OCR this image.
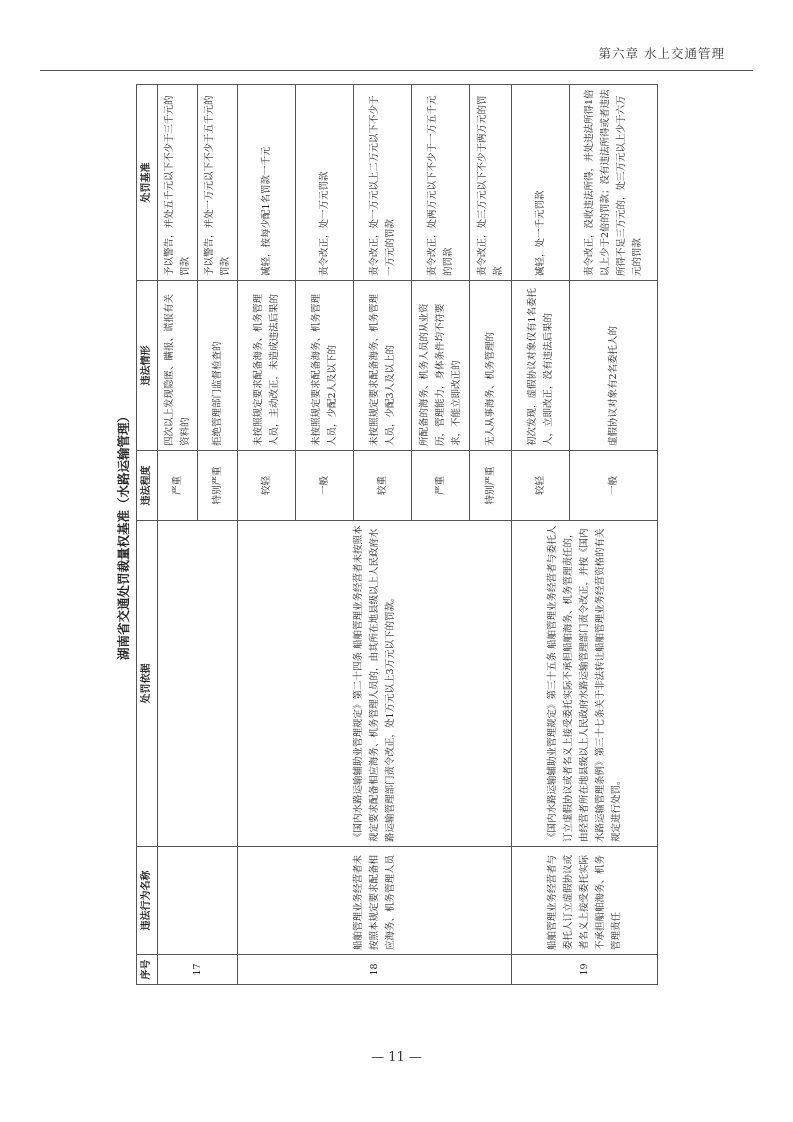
第六章 水上交通管理
湖南省交通处罚裁量权基准（水路运输管理）
序号	违法行为名称	处罚依据	违法程度	违法情形	处罚基准
17			严重	四次以上发现隐匿、瞒报、谎报有关资料的	予以警告，并处五千元以下不少于三千元的罚款
			特别严重	拒绝管理部门监督检查的	予以警告，并处一万元以下不少于五千元的罚款
18	船舶管理业务经营者未按照本规定要求配备相应海务、机务管理人员	《国内水路运输辅助业管理规定》第二十四条 船舶管理业务经营者未按照本规定要求配备相应海务、机务管理人员的，由其所在地县级以上人民政府水路运输管理部门责令改正，处1万元以上3万元以下的罚款。	较轻	未按照规定要求配备海务、机务管理人员，主动改正，未造成违法后果的	减轻，按每少配1名罚款一千元
			一般	未按照规定要求配备海务、机务管理人员，少配2人及以下的	责令改正，处一万元罚款
			较重	未按照规定要求配备海务、机务管理人员，少配3人及以上的	责令改正，处一万元以上二万元以下不少于一万元的罚款
			严重	所配备的海务、机务人员的从业资历，管理能力，身体条件均不符要求，不能立即改正的	责令改正，处两万元以下不少于一万五千元的罚款
			特别严重	无人从事海务、机务管理的	责令改正，处三万元以下不少于两万元的罚款
19	船舶管理业务经营者与委托人订立虚假协议或者名义上接受委托实际不承担船舶海务、机务管理责任	《国内水路运输辅助业管理规定》第三十五条 船舶管理业务经营者与委托人订立虚假协议或者名义上接受委托实际不承担船舶海务、机务管理责任的，由经营者所在地县级以上人民政府水路运输管理部门责令改正，并按《国内水路运输管理条例》第三十七条关于非法转让船舶管理业务经营资格的有关规定进行处罚。	较轻	初次发现，虚假协议对象仅有1名委托人，立即改正，没有违法后果的	减轻，处一千元罚款
			一般	虚假协议对象有2名委托人的	责令改正，没收违法所得，并处违法所得1倍以上少于2倍的罚款；没有违法所得或者违法所得不足三万元的，处三万元以上少于六万元的罚款
— 11 —
